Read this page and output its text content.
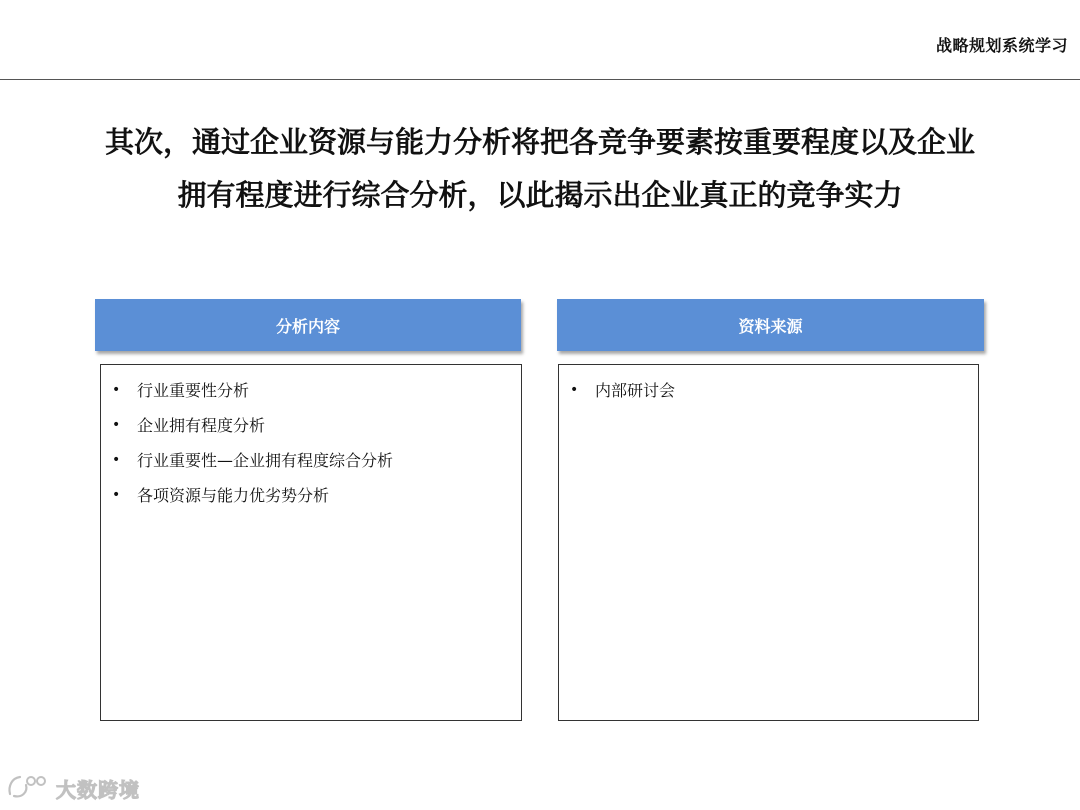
战略规划系统学习
其次，通过企业资源与能力分析将把各竞争要素按重要程度以及企业
拥有程度进行综合分析，以此揭示出企业真正的竞争实力
分析内容
• 行业重要性分析
• 企业拥有程度分析
• 行业重要性—企业拥有程度综合分析
• 各项资源与能力优劣势分析
资料来源
• 内部研讨会
大数跨境
